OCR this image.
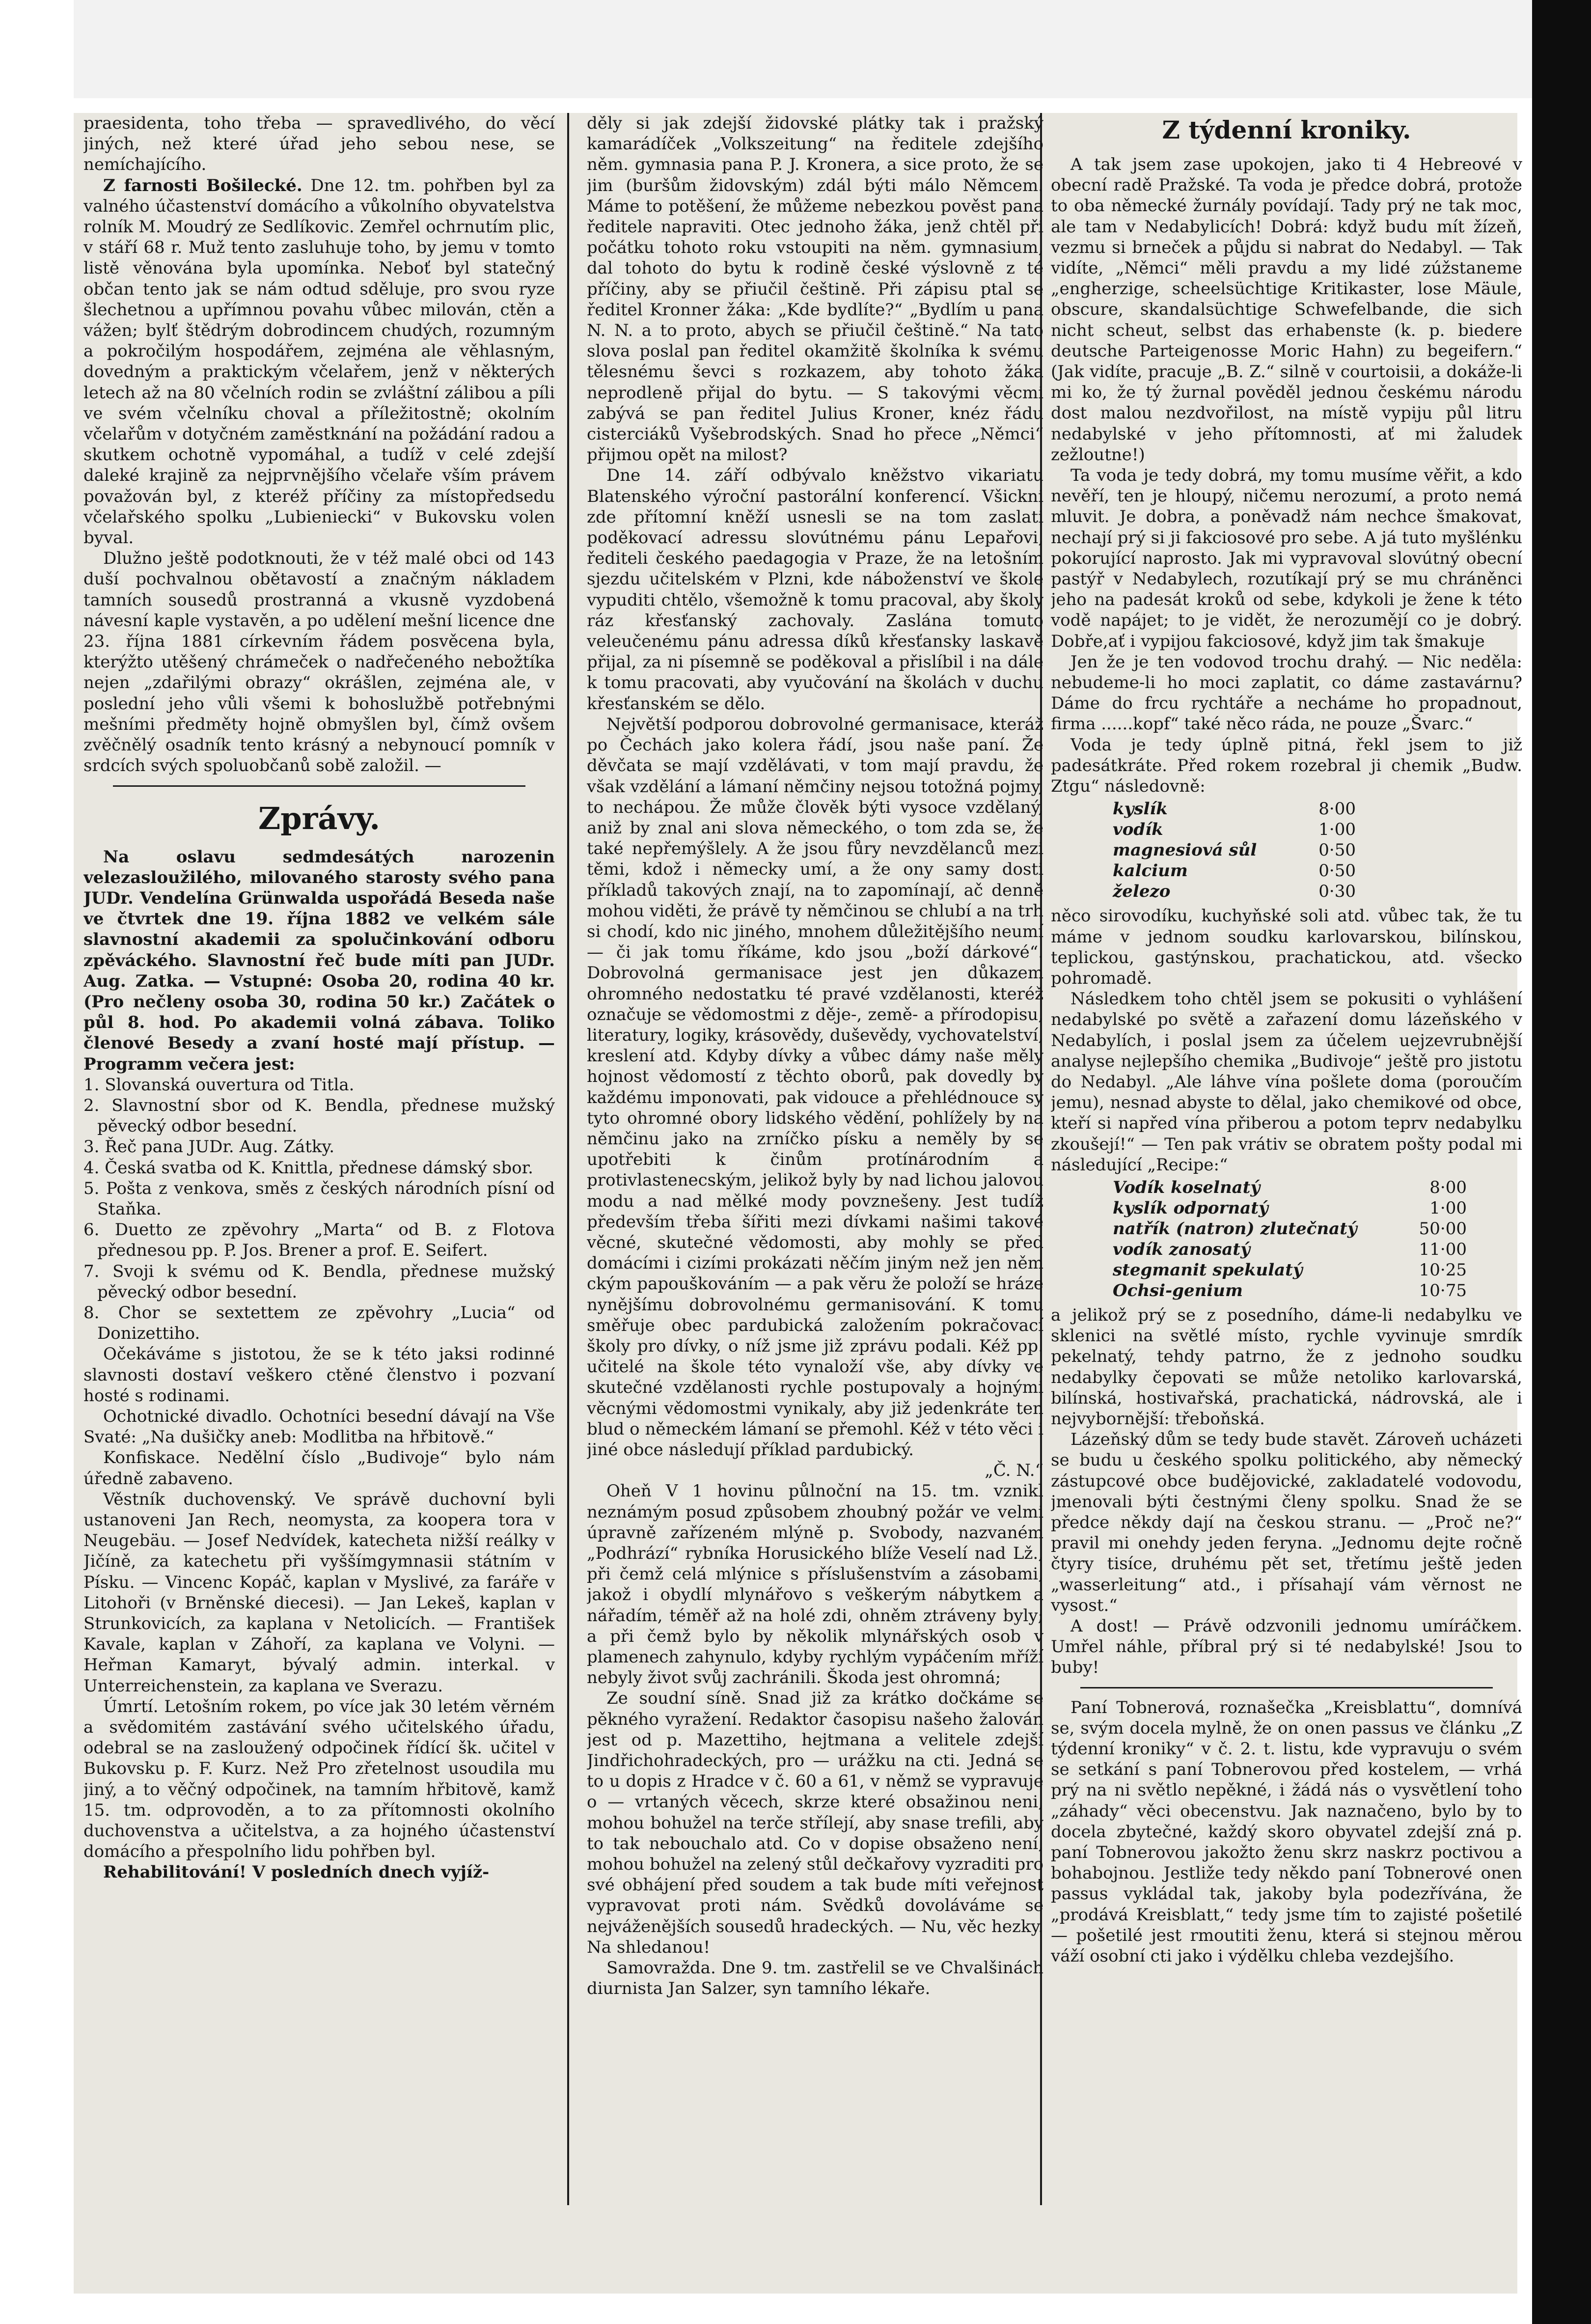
praesidenta, toho třeba — spravedlivého, do věcí jiných, než které úřad jeho sebou nese, se nemíchajícího.

Z farnosti Bošilecké. Dne 12. tm. pohřben byl za valného účastenství domácího a vůkolního obyvatelstva rolník M. Moudrý ze Sedlíkovic. Zemřel ochrnutím plic, v stáří 68 r. Muž tento zasluhuje toho, by jemu v tomto listě věnována byla upomínka. Neboť byl statečný občan tento jak se nám odtud sděluje, pro svou ryze šlechetnou a upřímnou povahu vůbec milován, ctěn a vážen; bylť štědrým dobrodincem chudých, rozumným a pokročilým hospodářem, zejména ale věhlasným, dovedným a praktickým včelařem, jenž v některých letech až na 80 včelních rodin se zvláštní zálibou a píli ve svém včelníku choval a příležitostně; okolním včelařům v dotyčném zaměstknání na požádání radou a skutkem ochotně vypomáhal, a tudíž v celé zdejší daleké krajině za nejprvnějšího včelaře vším právem považován byl, z kteréž příčiny za místopředsedu včelařského spolku „Lubieniecki“ v Bukovsku volen byval.

Dlužno ještě podotknouti, že v též malé obci od 143 duší pochvalnou obětavostí a značným nákladem tamních sousedů prostranná a vkusně vyzdobená návesní kaple vystavěn, a po udělení mešní licence dne 23. října 1881 církevním řádem posvěcena byla, kterýžto utěšený chrámeček o nadřečeného nebožtíka nejen „zdařilými obrazy“ okrášlen, zejména ale, v poslední jeho vůli všemi k bohoslužbě potřebnými mešními předměty hojně obmyšlen byl, čímž ovšem zvěčnělý osadník tento krásný a nebynoucí pomník v srdcích svých spoluobčanů sobě založil. —

Zprávy.

Na oslavu sedmdesátých narozenin velezasloužilého, milovaného starosty svého pana JUDr. Vendelína Grünwalda uspořádá Beseda naše ve čtvrtek dne 19. října 1882 ve velkém sále slavnostní akademii za spolučinkování odboru zpěváckého. Slavnostní řeč bude míti pan JUDr. Aug. Zatka. — Vstupné: Osoba 20, rodina 40 kr. (Pro nečleny osoba 30, rodina 50 kr.) Začátek o půl 8. hod. Po akademii volná zábava. Toliko členové Besedy a zvaní hosté mají přístup. — Programm večera jest:

1. Slovanská ouvertura od Titla.
2. Slavnostní sbor od K. Bendla, přednese mužský pěvecký odbor besední.
3. Řeč pana JUDr. Aug. Zátky.
4. Česká svatba od K. Knittla, přednese dámský sbor.
5. Pošta z venkova, směs z českých národních písní od Staňka.
6. Duetto ze zpěvohry „Marta“ od B. z Flotova přednesou pp. P. Jos. Brener a prof. E. Seifert.
7. Svoji k svému od K. Bendla, přednese mužský pěvecký odbor besední.
8. Chor se sextettem ze zpěvohry „Lucia“ od Donizettiho.

Očekáváme s jistotou, že se k této jaksi rodinné slavnosti dostaví veškero ctěné členstvo i pozvaní hosté s rodinami.

Ochotnické divadlo. Ochotníci besední dávají na Vše Svaté: „Na dušičky aneb: Modlitba na hřbitově.“

Konfiskace. Nedělní číslo „Budivoje“ bylo nám úředně zabaveno.

Věstník duchovenský. Ve správě duchovní byli ustanoveni Jan Rech, neomysta, za koopera tora v Neugebäu. — Josef Nedvídek, katecheta nižší reálky v Jičíně, za katechetu při vyššímgymnasii státním v Písku. — Vincenc Kopáč, kaplan v Myslivé, za faráře v Litohoři (v Brněnské diecesi). — Jan Lekeš, kaplan v Strunkovicích, za kaplana v Netolicích. — František Kavale, kaplan v Záhoří, za kaplana ve Volyni. — Heřman Kamaryt, bývalý admin. interkal. v Unterreichenstein, za kaplana ve Sverazu.

Úmrtí. Letošním rokem, po více jak 30 letém věrném a svědomitém zastávání svého učitelského úřadu, odebral se na zasloužený odpočinek řídící šk. učitel v Bukovsku p. F. Kurz. Než Pro zřetelnost usoudila mu jiný, a to věčný odpočinek, na tamním hřbitově, kamž 15. tm. odprovoděn, a to za přítomnosti okolního duchovenstva a učitelstva, a za hojného účastenství domácího a přespolního lidu pohřben byl.

Rehabilitování! V posledních dnech vyjíž-

děly si jak zdejší židovské plátky tak i pražský kamarádíček „Volkszeitung“ na ředitele zdejšího něm. gymnasia pana P. J. Kronera, a sice proto, že se jim (buršům židovským) zdál býti málo Němcem. Máme to potěšení, že můžeme nebezkou pověst pana ředitele napraviti. Otec jednoho žáka, jenž chtěl při počátku tohoto roku vstoupiti na něm. gymnasium, dal tohoto do bytu k rodině české výslovně z té příčiny, aby se přiučil češtině. Při zápisu ptal se ředitel Kronner žáka: „Kde bydlíte?“ „Bydlím u pana N. N. a to proto, abych se přiučil češtině.“ Na tato slova poslal pan ředitel okamžitě školníka k svému tělesnému ševci s rozkazem, aby tohoto žáka neprodleně přijal do bytu. — S takovými věcmi zabývá se pan ředitel Julius Kroner, knéz řádu cisterciáků Vyšebrodských. Snad ho přece „Němci“ přijmou opět na milost?

Dne 14. září odbývalo kněžstvo vikariatu Blatenského výroční pastorální konferencí. Všickni zde přítomní kněží usnesli se na tom zaslati poděkovací adressu slovútnému pánu Lepařovi, řediteli českého paedagogia v Praze, že na letošním sjezdu učitelském v Plzni, kde náboženství ve škole vypuditi chtělo, všemožně k tomu pracoval, aby školy ráz křesťanský zachovaly. Zaslána tomuto veleučenému pánu adressa díků křesťansky laskavě přijal, za ni písemně se poděkoval a přislíbil i na dále k tomu pracovati, aby vyučování na školách v duchu křesťanském se dělo.

Největší podporou dobrovolné germanisace, kteráž po Čechách jako kolera řádí, jsou naše paní. Že děvčata se mají vzdělávati, v tom mají pravdu, že však vzdělání a lámaní němčiny nejsou totožná pojmy, to nechápou. Že může člověk býti vysoce vzdělaný, aniž by znal ani slova německého, o tom zda se, že také nepřemýšlely. A že jsou fůry nevzdělanců mezi těmi, kdož i německy umí, a že ony samy dosti příkladů takových znají, na to zapomínají, ač denně mohou viděti, že právě ty němčinou se chlubí a na trh si chodí, kdo nic jiného, mnohem důležitějšího neumí — či jak tomu říkáme, kdo jsou „boží dárkové“. Dobrovolná germanisace jest jen důkazem ohromného nedostatku té pravé vzdělanosti, kteréž označuje se vědomostmi z děje-, země- a přírodopisu, literatury, logiky, krásovědy, duševědy, vychovatelství, kreslení atd. Kdyby dívky a vůbec dámy naše měly hojnost vědomostí z těchto oborů, pak dovedly by každému imponovati, pak vidouce a přehlédnouce sy tyto ohromné obory lidského vědění, pohlížely by na němčinu jako na zrníčko písku a neměly by se upotřebiti k činům protínárodním a protivlastenecským, jelikož byly by nad lichou jalovou modu a nad mělké mody povznešeny. Jest tudíž především třeba šířiti mezi dívkami našimi takové věcné, skutečné vědomosti, aby mohly se před domácími i cizími prokázati něčím jiným než jen něm ckým papouškováním — a pak věru že položí se hráze nynějšímu dobrovolnému germanisování. K tomu směřuje obec pardubická založením pokračovací školy pro dívky, o níž jsme již zprávu podali. Kéž pp. učitelé na škole této vynaloží vše, aby dívky ve skutečné vzdělanosti rychle postupovaly a hojnými věcnými vědomostmi vynikaly, aby již jedenkráte ten blud o německém lámaní se přemohl. Kéž v této věci i jiné obce následují příklad pardubický.

„Č. N.“

Oheň V 1 hovinu půlnoční na 15. tm. vznikl neznámým posud způsobem zhoubný požár ve velmi úpravně zařízeném mlýně p. Svobody, nazvaném „Podhrází“ rybníka Horusického blíže Veselí nad Lž., při čemž celá mlýnice s příslušenstvím a zásobami, jakož i obydlí mlynářovo s veškerým nábytkem a nářadím, téměř až na holé zdi, ohněm ztráveny byly; a při čemž bylo by několik mlynářských osob v plamenech zahynulo, kdyby rychlým vypáčením mříží nebyly život svůj zachránili. Škoda jest ohromná;

Ze soudní síně. Snad již za krátko dočkáme se pěkného vyražení. Redaktor časopisu našeho žalován jest od p. Mazettiho, hejtmana a velitele zdejší Jindřichohradeckých, pro — urážku na cti. Jedná se to u dopis z Hradce v č. 60 a 61, v němž se vypravuje o — vrtaných věcech, skrze které obsažinou neni, mohou bohužel na terče střílejí, aby snase trefili, aby to tak nebouchalo atd. Co v dopise obsaženo není, mohou bohužel na zelený stůl dečkařovy vyzraditi pro své obhájení před soudem a tak bude míti veřejnost vypravovat proti nám. Svědků dovoláváme se nejváženějších sousedů hradeckých. — Nu, věc hezky. Na shledanou!

Samovražda. Dne 9. tm. zastřelil se ve Chvalšinách diurnista Jan Salzer, syn tamního lékaře.

Z týdenní kroniky.

A tak jsem zase upokojen, jako ti 4 Hebreové v obecní radě Pražské. Ta voda je předce dobrá, protože to oba německé žurnály povídají. Tady prý ne tak moc, ale tam v Nedabylicích! Dobrá: když budu mít žízeň, vezmu si brneček a půjdu si nabrat do Nedabyl. — Tak vidíte, „Němci“ měli pravdu a my lidé zúžstaneme „engherzige, scheelsüchtige Kritikaster, lose Mäule, obscure, skandalsüchtige Schwefelbande, die sich nicht scheut, selbst das erhabenste (k. p. biedere deutsche Parteigenosse Moric Hahn) zu begeifern.“ (Jak vidíte, pracuje „B. Z.“ silně v courtoisii, a dokáže-li mi ko, že tý žurnal pověděl jednou českému národu dost malou nezdvořilost, na místě vypiju půl litru nedabylské v jeho přítomnosti, ať mi žaludek zežloutne!)

Ta voda je tedy dobrá, my tomu musíme věřit, a kdo nevěří, ten je hloupý, ničemu nerozumí, a proto nemá mluvit. Je dobra, a poněvadž nám nechce šmakovat, nechají prý si ji fakciosové pro sebe. A já tuto myšlénku pokorující naprosto. Jak mi vypravoval slovútný obecní pastýř v Nedabylech, rozutíkají prý se mu chráněnci jeho na padesát kroků od sebe, kdykoli je žene k této vodě napájet; to je vidět, že nerozumějí co je dobrý. Dobře,ať i vypijou fakciosové, když jim tak šmakuje

Jen že je ten vodovod trochu drahý. — Nic neděla: nebudeme-li ho moci zaplatit, co dáme zastavárnu? Dáme do frcu rychtáře a necháme ho propadnout, firma ......kopf“ také něco ráda, ne pouze „Švarc.“

Voda je tedy úplně pitná, řekl jsem to již padesátkráte. Před rokem rozebral ji chemik „Budw. Ztgu“ následovně:

kyslík	8·00
vodík	1·00
magnesiová sůl	0·50
kalcium	0·50
železo	0·30

něco sirovodíku, kuchyňské soli atd. vůbec tak, že tu máme v jednom soudku karlovarskou, bilínskou, teplickou, gastýnskou, prachatickou, atd. všecko pohromadě.

Následkem toho chtěl jsem se pokusiti o vyhlášení nedabylské po světě a zařazení domu lázeňského v Nedabylích, i poslal jsem za účelem uejzevrubnější analyse nejlepšího chemika „Budivoje“ ještě pro jistotu do Nedabyl. „Ale láhve vína pošlete doma (poroučím jemu), nesnad abyste to dělal, jako chemikové od obce, kteří si napřed vína přiberou a potom teprv nedabylku zkoušejí!“ — Ten pak vrátiv se obratem pošty podal mi následující „Recipe:“

Vodík koselnatý	8·00
kyslík odpornatý	1·00
natřík (natron) zlutečnatý	50·00
vodík zanosatý	11·00
stegmanit spekulatý	10·25
Ochsi-genium	10·75

a jelikož prý se z posedního, dáme-li nedabylku ve sklenici na světlé místo, rychle vyvinuje smrdík pekelnatý, tehdy patrno, že z jednoho soudku nedabylky čepovati se může netoliko karlovarská, bilínská, hostivařská, prachatická, nádrovská, ale i nejvybornější: třeboňská.

Lázeňský dům se tedy bude stavět. Zároveň ucházeti se budu u českého spolku politického, aby německý zástupcové obce budějovické, zakladatelé vodovodu, jmenovali býti čestnými členy spolku. Snad že se předce někdy dají na českou stranu. — „Proč ne?“ pravil mi onehdy jeden feryna. „Jednomu dejte ročně čtyry tisíce, druhému pět set, třetímu ještě jeden „wasserleitung“ atd., i přísahají vám věrnost ne vysost.“

A dost! — Právě odzvonili jednomu umíráčkem. Umřel náhle, příbral prý si té nedabylské! Jsou to buby!

Paní Tobnerová, roznašečka „Kreisblattu“, domnívá se, svým docela mylně, že on onen passus ve článku „Z týdenní kroniky“ v č. 2. t. listu, kde vypravuju o svém se setkání s paní Tobnerovou před kostelem, — vrhá prý na ni světlo nepěkné, i žádá nás o vysvětlení toho „záhady“ věci obecenstvu. Jak naznačeno, bylo by to docela zbytečné, každý skoro obyvatel zdejší zná p. paní Tobnerovou jakožto ženu skrz naskrz poctivou a bohabojnou. Jestliže tedy někdo paní Tobnerové onen passus vykládal tak, jakoby byla podezřívána, že „prodává Kreisblatt,“ tedy jsme tím to zajisté pošetilé — pošetilé jest rmoutiti ženu, která si stejnou měrou váží osobní cti jako i výdělku chleba vezdejšího.
